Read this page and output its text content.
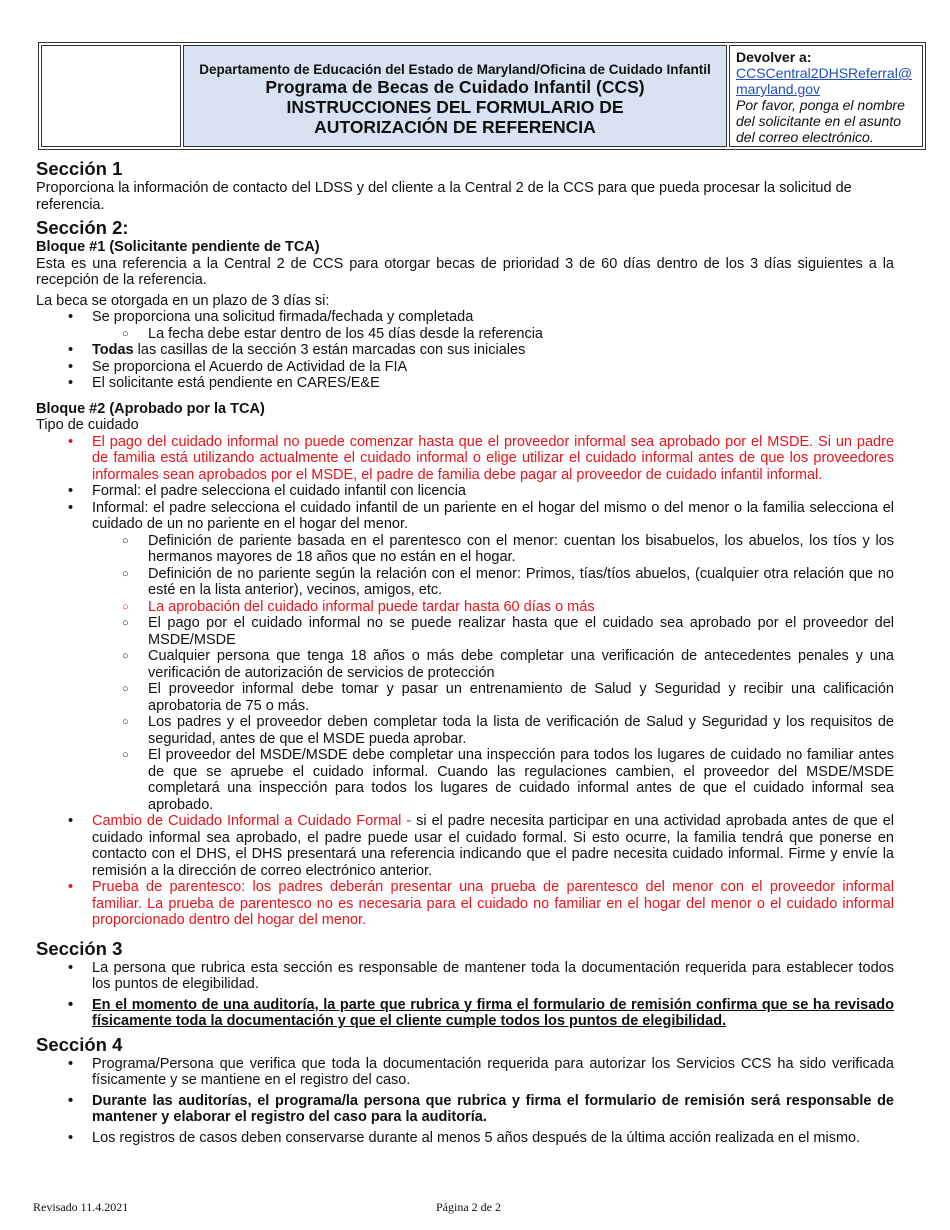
Departamento de Educación del Estado de Maryland/Oficina de Cuidado Infantil
Programa de Becas de Cuidado Infantil (CCS)
INSTRUCCIONES DEL FORMULARIO DE
AUTORIZACIÓN DE REFERENCIA
Devolver a:
CCSCentral2DHSReferral@
maryland.gov
Por favor, ponga el nombre del solicitante en el asunto del correo electrónico.
Sección 1

Proporciona la información de contacto del LDSS y del cliente a la Central 2 de la CCS para que pueda procesar la solicitud de referencia.

Sección 2:
Bloque #1 (Solicitante pendiente de TCA)

Esta es una referencia a la Central 2 de CCS para otorgar becas de prioridad 3 de 60 días dentro de los 3 días siguientes a la recepción de la referencia.

La beca se otorgada en un plazo de 3 días si:

• Se proporciona una solicitud firmada/fechada y completada
○ La fecha debe estar dentro de los 45 días desde la referencia
• Todas las casillas de la sección 3 están marcadas con sus iniciales
• Se proporciona el Acuerdo de Actividad de la FIA
• El solicitante está pendiente en CARES/E&E
Bloque #2 (Aprobado por la TCA)

Tipo de cuidado

• El pago del cuidado informal no puede comenzar hasta que el proveedor informal sea aprobado por el MSDE. Si un padre de familia está utilizando actualmente el cuidado informal o elige utilizar el cuidado informal antes de que los proveedores informales sean aprobados por el MSDE, el padre de familia debe pagar al proveedor de cuidado infantil informal.
• Formal: el padre selecciona el cuidado infantil con licencia
• Informal: el padre selecciona el cuidado infantil de un pariente en el hogar del mismo o del menor o la familia selecciona el cuidado de un no pariente en el hogar del menor.
○ Definición de pariente basada en el parentesco con el menor: cuentan los bisabuelos, los abuelos, los tíos y los hermanos mayores de 18 años que no están en el hogar.
○ Definición de no pariente según la relación con el menor: Primos, tías/tíos abuelos, (cualquier otra relación que no esté en la lista anterior), vecinos, amigos, etc.
○ La aprobación del cuidado informal puede tardar hasta 60 días o más
○ El pago por el cuidado informal no se puede realizar hasta que el cuidado sea aprobado por el proveedor del MSDE/MSDE
○ Cualquier persona que tenga 18 años o más debe completar una verificación de antecedentes penales y una verificación de autorización de servicios de protección
○ El proveedor informal debe tomar y pasar un entrenamiento de Salud y Seguridad y recibir una calificación aprobatoria de 75 o más.
○ Los padres y el proveedor deben completar toda la lista de verificación de Salud y Seguridad y los requisitos de seguridad, antes de que el MSDE pueda aprobar.
○ El proveedor del MSDE/MSDE debe completar una inspección para todos los lugares de cuidado no familiar antes de que se apruebe el cuidado informal. Cuando las regulaciones cambien, el proveedor del MSDE/MSDE completará una inspección para todos los lugares de cuidado informal antes de que el cuidado informal sea aprobado.
• Cambio de Cuidado Informal a Cuidado Formal - si el padre necesita participar en una actividad aprobada antes de que el cuidado informal sea aprobado, el padre puede usar el cuidado formal. Si esto ocurre, la familia tendrá que ponerse en contacto con el DHS, el DHS presentará una referencia indicando que el padre necesita cuidado informal. Firme y envíe la remisión a la dirección de correo electrónico anterior.
• Prueba de parentesco: los padres deberán presentar una prueba de parentesco del menor con el proveedor informal familiar. La prueba de parentesco no es necesaria para el cuidado no familiar en el hogar del menor o el cuidado informal proporcionado dentro del hogar del menor.
Sección 3
• La persona que rubrica esta sección es responsable de mantener toda la documentación requerida para establecer todos los puntos de elegibilidad.
• En el momento de una auditoría, la parte que rubrica y firma el formulario de remisión confirma que se ha revisado físicamente toda la documentación y que el cliente cumple todos los puntos de elegibilidad.
Sección 4
• Programa/Persona que verifica que toda la documentación requerida para autorizar los Servicios CCS ha sido verificada físicamente y se mantiene en el registro del caso.
• Durante las auditorías, el programa/la persona que rubrica y firma el formulario de remisión será responsable de mantener y elaborar el registro del caso para la auditoría.
• Los registros de casos deben conservarse durante al menos 5 años después de la última acción realizada en el mismo.
Revisado 11.4.2021	Página 2 de 2
